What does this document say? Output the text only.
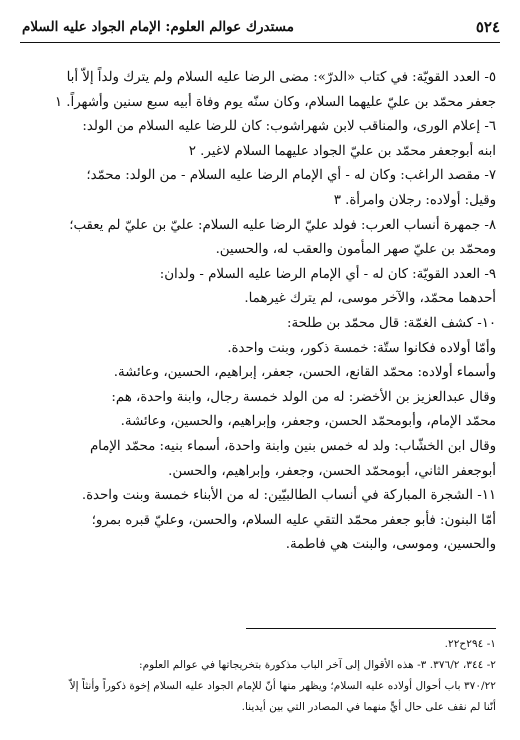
٥٢٤
مستدرك عوالم العلوم: الإمام الجواد عليه السلام
٥- العدد القويّة: في كتاب «الدرّ»: مضى الرضا عليه السلام ولم يترك ولداً إلاّ أبا
جعفر محمّد بن عليّ عليهما السلام، وكان سنّه يوم وفاة أبيه سبع سنين وأشهراً. ١
٦- إعلام الورى، والمناقب لابن شهراشوب: كان للرضا عليه السلام من الولد:
ابنه أبوجعفر محمّد بن عليّ الجواد عليهما السلام لاغير. ٢
٧- مقصد الراغب: وكان له - أي الإمام الرضا عليه السلام - من الولد: محمّد؛
وقيل: أولاده: رجلان وامرأة. ٣
٨- جمهرة أنساب العرب: فولد عليّ الرضا عليه السلام: عليّ بن عليّ لم يعقب؛
ومحمّد بن عليّ صهر المأمون والعقب له، والحسين.
٩- العدد القويّة: كان له - أي الإمام الرضا عليه السلام - ولدان:
أحدهما محمّد، والآخر موسى، لم يترك غيرهما.
١٠- كشف الغمّة: قال محمّد بن طلحة:
وأمّا أولاده فكانوا ستّة: خمسة ذكور، وبنت واحدة.
وأسماء أولاده: محمّد القانع، الحسن، جعفر، إبراهيم، الحسين، وعائشة.
وقال عبدالعزيز بن الأخضر: له من الولد خمسة رجال، وابنة واحدة، هم:
محمّد الإمام، وأبومحمّد الحسن، وجعفر، وإبراهيم، والحسين، وعائشة.
وقال ابن الخشّاب: ولد له خمس بنين وابنة واحدة، أسماء بنيه: محمّد الإمام
أبوجعفر الثاني، أبومحمّد الحسن، وجعفر، وإبراهيم، والحسن.
١١- الشجرة المباركة في أنساب الطالبيّين: له من الأبناء خمسة وبنت واحدة.
أمّا البنون: فأبو جعفر محمّد التقي عليه السلام، والحسن، وعليّ قبره بمرو؛
والحسين، وموسى، والبنت هي فاطمة.
١- ٢٩٤ح٢٢.
٢- ٣٤٤، ٣٧٦/٢. ٣- هذه الأقوال إلى آخر الباب مذكورة بتخريجاتها في عوالم العلوم:
٣٧٠/٢٢ باب أحوال أولاده عليه السلام؛ ويظهر منها أنّ للإمام الجواد عليه السلام إخوة ذكوراً وأنثاً إلاّ
أنّنا لم نقف على حال أيٍّ منهما في المصادر التي بين أيدينا.
